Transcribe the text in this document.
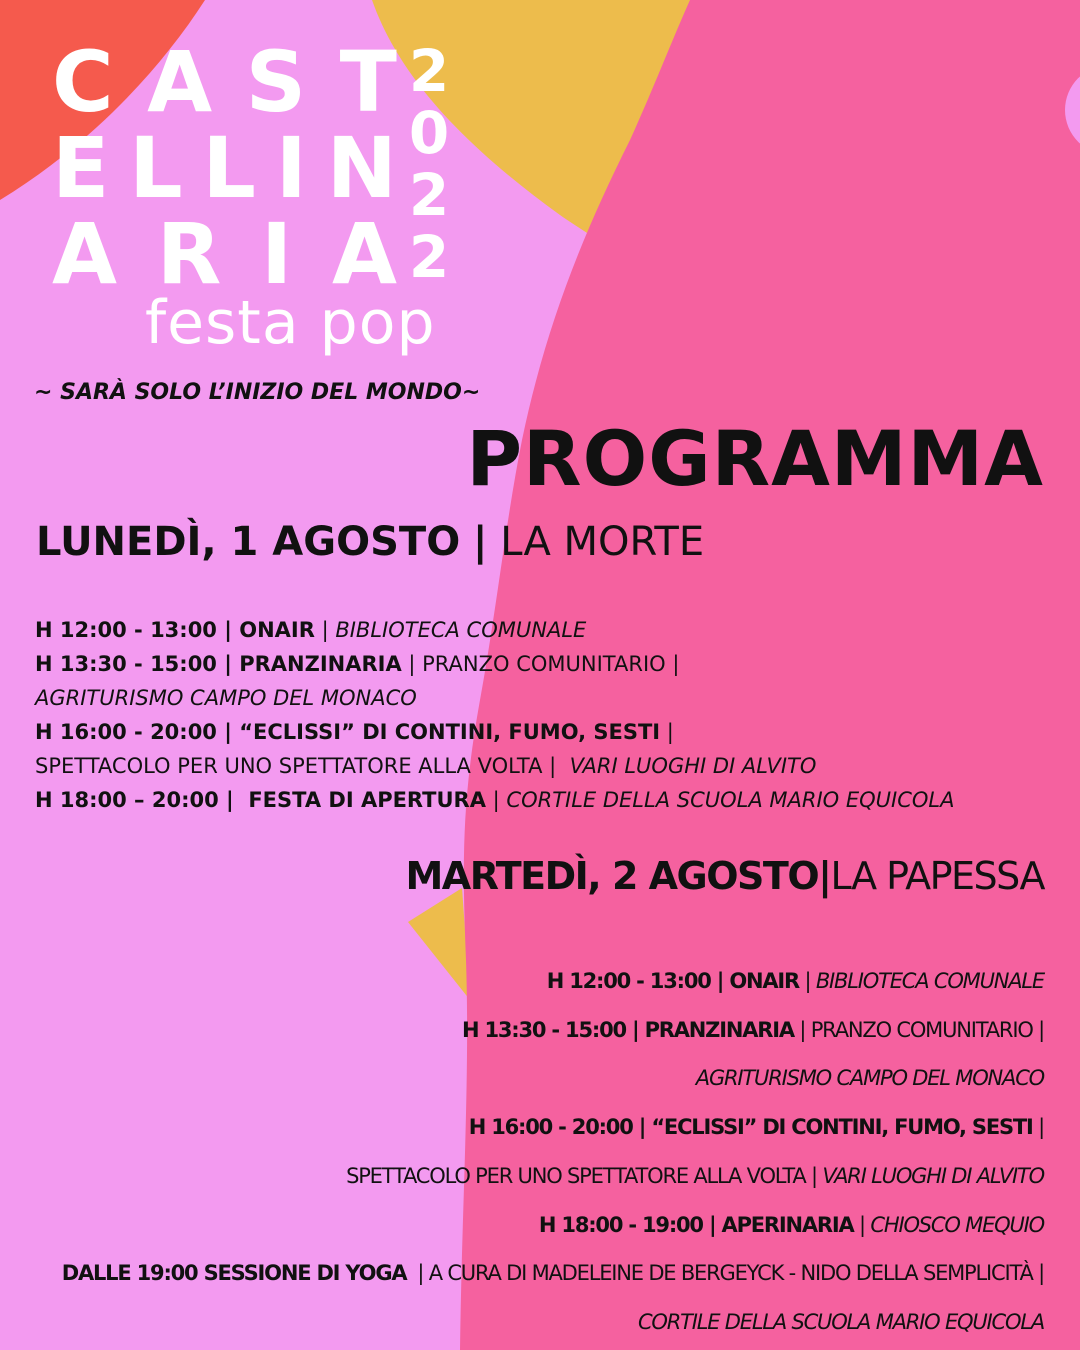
C A S T
E L L I N
A R I A
2
0
2
2
festa pop
~ SARÀ SOLO L’INIZIO DEL MONDO~
PROGRAMMA
LUNEDÌ, 1 AGOSTO | LA MORTE
H 12:00 - 13:00 | ONAIR | BIBLIOTECA COMUNALE
H 13:30 - 15:00 | PRANZINARIA | PRANZO COMUNITARIO |
AGRITURISMO CAMPO DEL MONACO
H 16:00 - 20:00 | “ECLISSI” DI CONTINI, FUMO, SESTI |
SPETTACOLO PER UNO SPETTATORE ALLA VOLTA |  VARI LUOGHI DI ALVITO
H 18:00 – 20:00 |  FESTA DI APERTURA | CORTILE DELLA SCUOLA MARIO EQUICOLA
MARTEDÌ, 2 AGOSTO|LA PAPESSA
H 12:00 - 13:00 | ONAIR | BIBLIOTECA COMUNALE
H 13:30 - 15:00 | PRANZINARIA | PRANZO COMUNITARIO |
AGRITURISMO CAMPO DEL MONACO
H 16:00 - 20:00 | “ECLISSI” DI CONTINI, FUMO, SESTI |
SPETTACOLO PER UNO SPETTATORE ALLA VOLTA | VARI LUOGHI DI ALVITO
H 18:00 - 19:00 | APERINARIA | CHIOSCO MEQUIO
DALLE 19:00 SESSIONE DI YOGA  | A CURA DI MADELEINE DE BERGEYCK - NIDO DELLA SEMPLICITÀ |
CORTILE DELLA SCUOLA MARIO EQUICOLA
